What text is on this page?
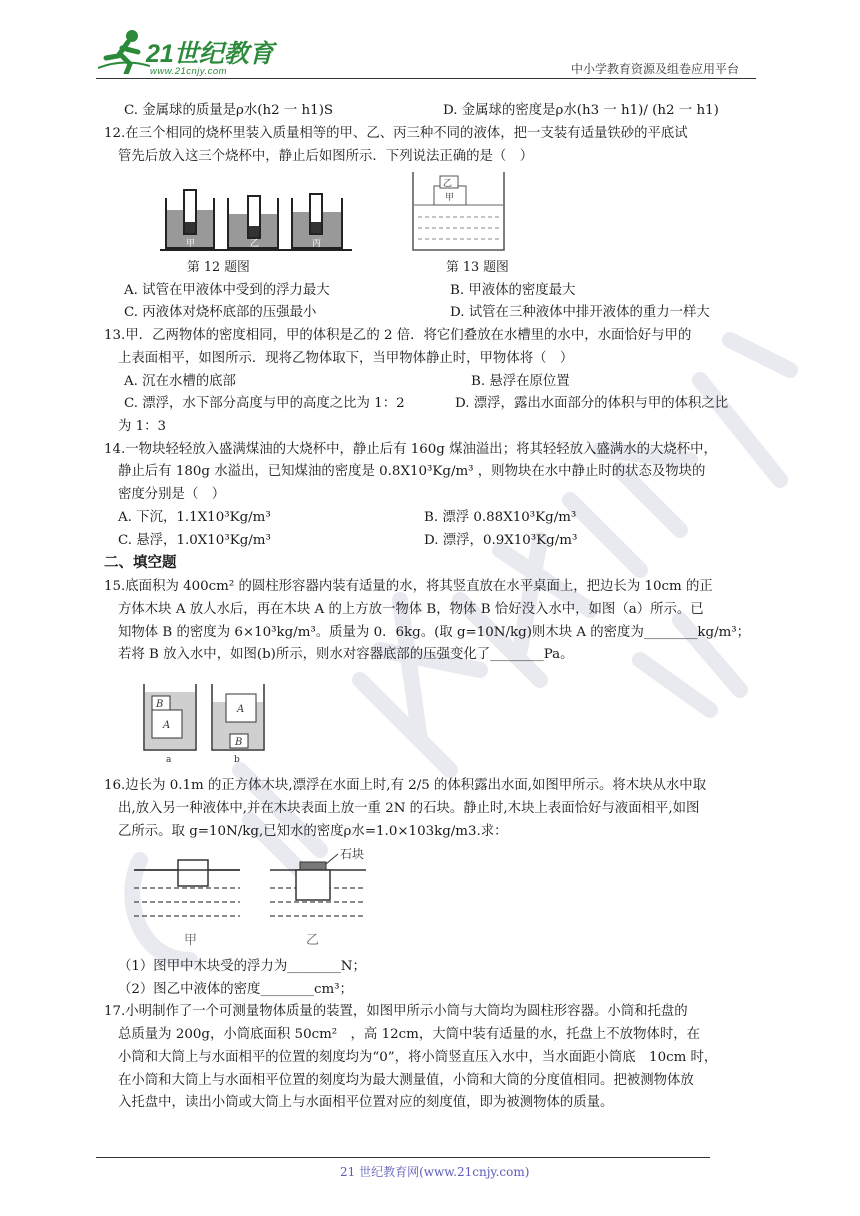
21世纪教育
www.21cnjy.com	中小学教育资源及组卷应用平台
C. 金属球的质量是ρ水(h2 一 h1)S	D. 金属球的密度是ρ水(h3 一 h1)/ (h2 一 h1)
12.在三个相同的烧杯里装入质量相等的甲、乙、丙三种不同的液体，把一支装有适量铁砂的平底试
管先后放入这三个烧杯中，静止后如图所示．下列说法正确的是（　）
甲	乙	丙
乙
甲
第 12 题图	第 13 题图
A. 试管在甲液体中受到的浮力最大	B. 甲液体的密度最大
C. 丙液体对烧杯底部的压强最小	D. 试管在三种液体中排开液体的重力一样大
13.甲．乙两物体的密度相同，甲的体积是乙的 2 倍．将它们叠放在水槽里的水中，水面恰好与甲的
上表面相平，如图所示．现将乙物体取下，当甲物体静止时，甲物体将（　）
A. 沉在水槽的底部	B. 悬浮在原位置
C. 漂浮，水下部分高度与甲的高度之比为 1：2	D. 漂浮，露出水面部分的体积与甲的体积之比
为 1：3
14.一物块轻轻放入盛满煤油的大烧杯中，静止后有 160g 煤油溢出；将其轻轻放入盛满水的大烧杯中，
静止后有 180g 水溢出，已知煤油的密度是 0.8X10³Kg/m³ ，则物块在水中静止时的状态及物块的
密度分别是（　）
A. 下沉，1.1X10³Kg/m³	B. 漂浮 0.88X10³Kg/m³
C. 悬浮，1.0X10³Kg/m³	D. 漂浮，0.9X10³Kg/m³
二、填空题
15.底面积为 400cm² 的圆柱形容器内装有适量的水，将其竖直放在水平桌面上，把边长为 10cm 的正
方体木块 A 放人水后，再在木块 A 的上方放一物体 B，物体 B 恰好没入水中，如图（a）所示。已
知物体 B 的密度为 6×10³kg/m³。质量为 0．6kg。(取 g=10N/kg)则木块 A 的密度为________kg/m³；
若将 B 放入水中，如图(b)所示，则水对容器底部的压强变化了________Pa。
B
A
A
B
a	b
16.边长为 0.1m 的正方体木块,漂浮在水面上时,有 2/5 的体积露出水面,如图甲所示。将木块从水中取
出,放入另一种液体中,并在木块表面上放一重 2N 的石块。静止时,木块上表面恰好与液面相平,如图
乙所示。取 g=10N/kg,已知水的密度ρ水=1.0×103kg/m3.求：
石块
甲	乙
（1）图甲中木块受的浮力为________N；
（2）图乙中液体的密度________cm³；
17.小明制作了一个可测量物体质量的装置，如图甲所示小筒与大筒均为圆柱形容器。小筒和托盘的
总质量为 200g，小筒底面积 50cm²　，高 12cm，大筒中装有适量的水，托盘上不放物体时，在
小筒和大筒上与水面相平的位置的刻度均为“0”，将小筒竖直压入水中，当水面距小筒底　10cm 时，
在小筒和大筒上与水面相平位置的刻度均为最大测量值，小筒和大筒的分度值相同。把被测物体放
入托盘中，读出小筒或大筒上与水面相平位置对应的刻度值，即为被测物体的质量。
21 世纪教育网(www.21cnjy.com)
